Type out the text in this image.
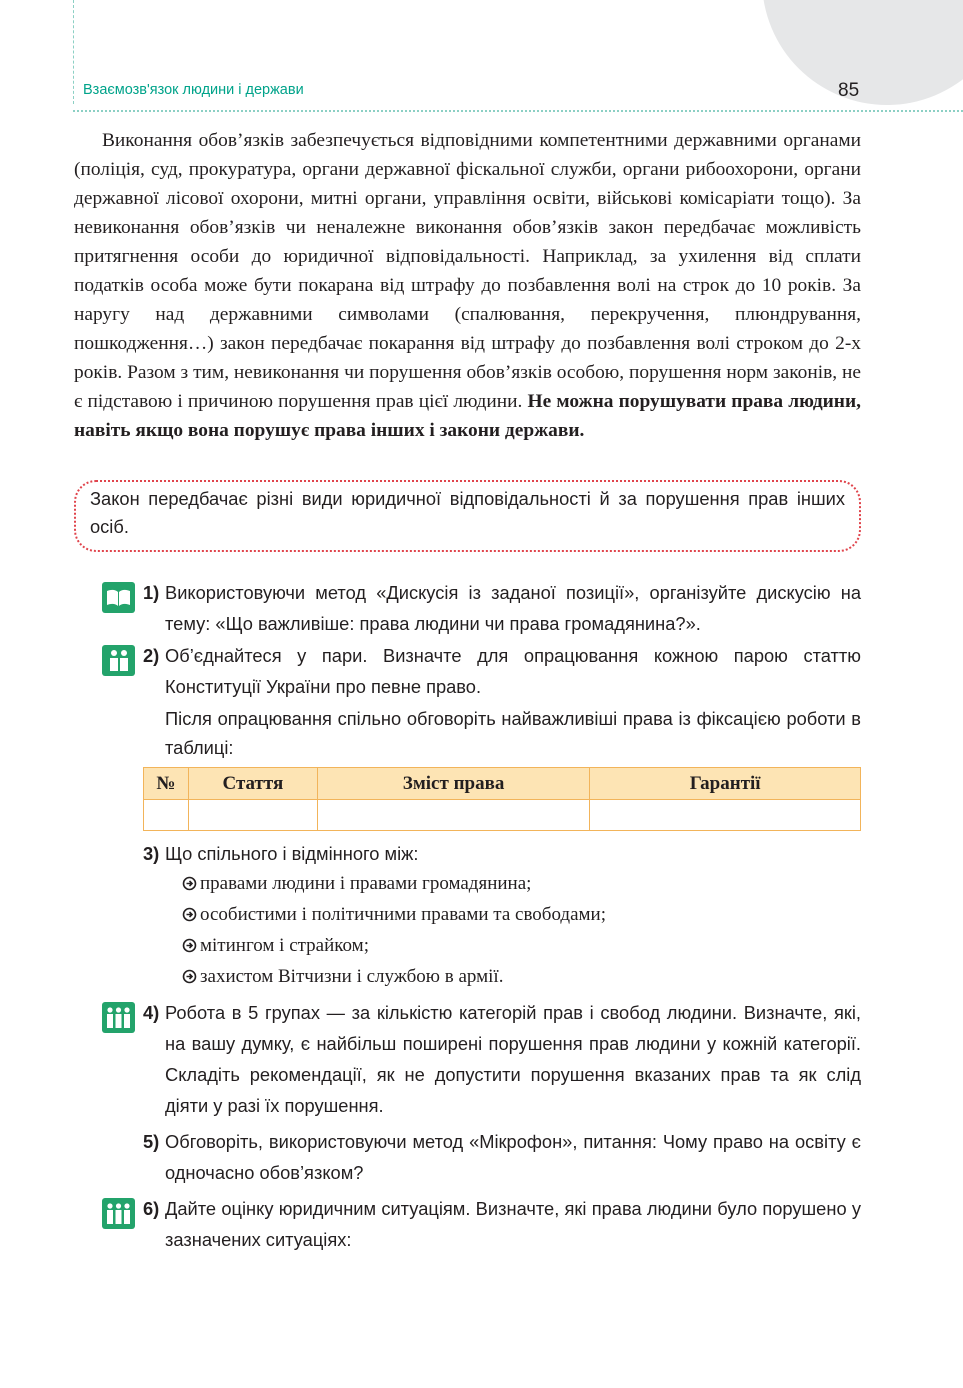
Взаємозв'язок людини і держави	85

Виконання обов’язків забезпечується відповідними компетентними державними органами (поліція, суд, прокуратура, органи державної фіскальної служби, органи рибоохорони, органи державної лісової охорони, митні органи, управління освіти, військові комісаріати тощо). За невиконання обов’язків чи неналежне виконання обов’язків закон передбачає можливість притягнення особи до юридичної відповідальності. Наприклад, за ухилення від сплати податків особа може бути покарана від штрафу до позбавлення волі на строк до 10 років. За наругу над державними символами (спалювання, перекручення, плюндрування, пошкодження…) закон передбачає покарання від штрафу до позбавлення волі строком до 2-х років. Разом з тим, невиконання чи порушення обов’язків особою, порушення норм законів, не є підставою і причиною порушення прав цієї людини. Не можна порушувати права людини, навіть якщо вона порушує права інших і закони держави.

Закон передбачає різні види юридичної відповідальності й за порушення прав інших осіб.
1) Використовуючи метод «Дискусія із заданої позиції», організуйте дискусію на тему: «Що важливіше: права людини чи права громадянина?».
2) Об’єднайтеся у пари. Визначте для опрацювання кожною парою статтю Конституції України про певне право.
Після опрацювання спільно обговоріть найважливіші права із фіксацією роботи в таблиці:
№	Стаття	Зміст права	Гарантії

3) Що спільного і відмінного між:
правами людини і правами громадянина;
особистими і політичними правами та свободами;
мітингом і страйком;
захистом Вітчизни і службою в армії.
4) Робота в 5 групах — за кількістю категорій прав і свобод людини. Визначте, які, на вашу думку, є найбільш поширені порушення прав людини у кожній категорії. Складіть рекомендації, як не допустити порушення вказаних прав та як слід діяти у разі їх порушення.
5) Обговоріть, використовуючи метод «Мікрофон», питання: Чому право на освіту є одночасно обов’язком?
6) Дайте оцінку юридичним ситуаціям. Визначте, які права людини було порушено у зазначених ситуаціях:
